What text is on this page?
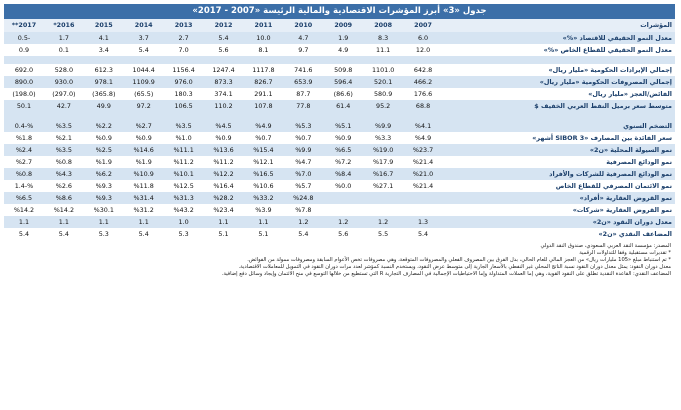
جدول «3» أبرز المؤشرات الاقتصادية والمالية الرئيسة «2007 - 2017»
المؤشرات	2007	2008	2009	2010	2011	2012	2013	2014	2015	2016*	2017**
معدل النمو الحقيقي للاقتصاد «%»	6.0	8.3	1.9	4.7	10.0	5.4	2.7	3.7	4.1	1.7	-0.5
معدل النمو الحقيقي للقطاع الخاص «%»	12.0	11.1	4.9	9.7	8.1	5.6	7.0	5.4	3.4	0.1	0.9

إجمالي الإيرادات الحكومية «مليار ريال»	642.8	1101.0	509.8	741.6	1117.8	1247.4	1156.4	1044.4	612.3	528.0	692.0
إجمالي المصروفات الحكومية «مليار ريال»	466.2	520.1	596.4	653.9	826.7	873.3	976.0	1109.9	978.1	930.0	890.0
الفائض/العجز «مليار ريال»	176.6	580.9	(86.6)	87.7	291.1	374.1	180.3	(65.5)	(365.8)	(297.0)	(198.0)
متوسط سعر برميل النفط العربي الخفيف $	68.8	95.2	61.4	77.8	107.8	110.2	106.5	97.2	49.9	42.7	50.1

التضخم السنوي	%4.1	%9.9	%5.1	%5.3	%4.9	%4.5	%3.5	%2.7	%2.2	%3.5	%-0.4
سعر الفائدة بين المصارف «SIBOR 3 أشهر»	%4.9	%3.3	%0.9	%0.7	%0.7	%0.9	%1.0	%0.9	%0.9	%2.1	%1.8
نمو السيولة المحلية «ن2»	%23.7	%19.0	%6.5	%9.9	%15.4	%13.6	%11.1	%14.6	%2.5	%3.5	%2.4
نمو الودائع المصرفية	%21.4	%17.9	%7.2	%4.7	%12.1	%11.2	%11.2	%1.9	%1.9	%0.8	%2.7
نمو الودائع المصرفية للشركات والأفراد	%21.0	%16.7	%8.4	%7.0	%16.5	%12.2	%10.1	%10.9	%6.2	%4.3	%0.8
نمو الائتمان المصرفي للقطاع الخاص	%21.4	%27.1	%0.0	%5.7	%10.6	%16.4	%12.5	%11.8	%9.3	%2.6	%-1.4
نمو القروض العقارية «أفراد»				%24.8	%33.2	%28.2	%31.3	%31.4	%9.3	%8.6	%6.5
نمو القروض العقارية «شركات»				%7.8	%3.9	%23.4	%43.2	%31.2	%30.1	%14.2	%14.2
معدل دوران النقود «ن2»	1.3	1.2	1.2	1.2	1.1	1.1	1.0	1.1	1.1	1.1	1.1
المضاعف النقدي «ن2»	5.4	5.5	5.6	5.4	5.1	5.1	5.3	5.4	5.3	5.4	5.4
المصدر: مؤسسة النقد العربي السعودي، صندوق النقد الدولي
* تقديرات مستقبلية وفقا للتداولات الرقمية
* تم استنباط مبلغ «105 مليارات ريال» من العجز المالي للعام الحالي، بدل الفرق بين المصروف الفعلي والمصروفات المتوقعة، وهي مصروفات تخص الأعوام السابقة ومصروفات ممولة من الفوائض.
معدل دوران النقود: يمثل معدل دوران النقود نسبة الناتج المحلي غير النفطي بالأسعار الجارية إلى متوسط عرض النقود، ويستخدم النسبة كمؤشر لعدد مرات دوران النقود في التمويل للمعاملات الاقتصادية.
المضاعف النقدي: القاعدة النقدية تطلق على النقود القوية، وهي إما العملات المتداولة وإما الاحتياطيات الإجمالية في المصارف التجارية R التي تستطيع من خلالها التوسع في منح الائتمان وإيجاد وسائل دفع إضافية.
